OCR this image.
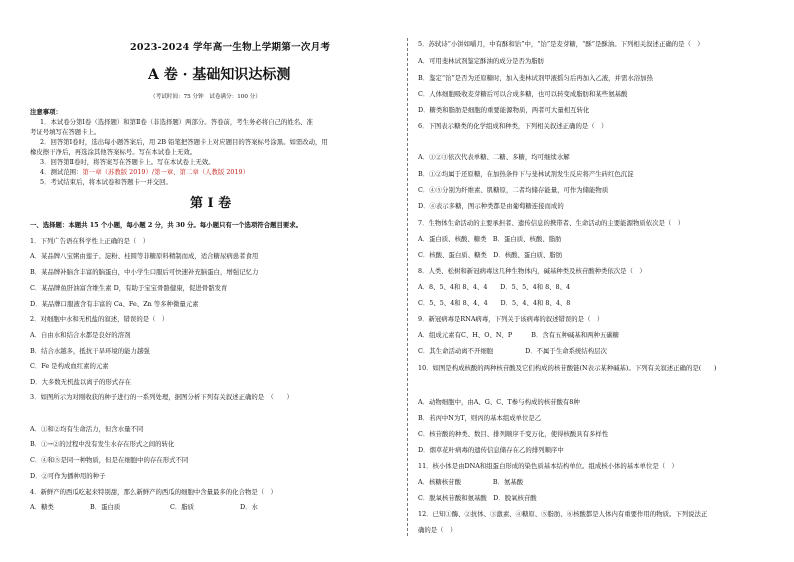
2023-2024 学年高一生物上学期第一次月考
A 卷 · 基础知识达标测
（考试时间：75 分钟　试卷满分：100 分）
注意事项：
1．本试卷分第Ⅰ卷（选择题）和第Ⅱ卷（非选择题）两部分。答卷前，考生务必将自己的姓名、准
考证号填写在答题卡上。
2．回答第Ⅰ卷时，选出每小题答案后，用 2B 铅笔把答题卡上对应题目的答案标号涂黑。如需改动，用
橡皮擦干净后，再选涂其他答案标号。写在本试卷上无效。
3．回答第Ⅱ卷时，将答案写在答题卡上。写在本试卷上无效。
4．测试范围：第一章（苏教版 2019）/第一章、第二章（人教版 2019）
5．考试结束后，将本试卷和答题卡一并交回。
第 Ⅰ 卷
一、选择题：本题共 15 个小题，每小题 2 分，共 30 分。每小题只有一个选项符合题目要求。
1．下列广告语在科学性上正确的是（　）
A．某品牌八宝粥由莲子、淀粉、桂圆等非糖原料精制而成，适合糖尿病患者食用
B．某品牌补脑含丰富的脑蛋白，中小学生口服后可快速补充脑蛋白，增强记忆力
C．某品牌鱼肝油富含维生素 D，有助于宝宝骨骼健康，促进骨骼发育
D．某品牌口服液含有丰富的 Ca、Fe、Zn 等多种微量元素
2．对细胞中水和无机盐的叙述，错误的是（　）
A．自由水和结合水都是良好的溶剂
B．结合水越多，抵抗干旱环境的能力越强
C．Fe 是构成血红素的元素
D．大多数无机盐以离子的形式存在
3．如图所示为对刚收获的种子进行的一系列处理，据图分析下列有关叙述正确的是　（　　）
A．①和②均有生命活力，但含水量不同
B．①→②的过程中没有发生水存在形式之间的转化
C．④和⑤是同一种物质，但是在细胞中的存在形式不同
D．②可作为播种用的种子
4．新鲜产的西瓜吃起来特别甜，那么新鲜产的西瓜的细胞中含量最多的化合物是（　）
A．糖类	B．蛋白质	C．脂质	D．水
5．苏轼诗“小饼如嚼月，中有酥和饴”中，“饴”是麦芽糖，“酥”是酥油。下列相关叙述正确的是（　）
A．可用斐林试剂鉴定酥油的成分是否为脂肪
B．鉴定“饴”是否为还原糖时，加入斐林试剂甲液摇匀后再加入乙液，并需水浴加热
C．人体细胞吸收麦芽糖后可以合成多糖，也可以转变成脂肪和某些氨基酸
D．糖类和脂肪是细胞的重要能源物质，两者可大量相互转化
6．下图表示糖类的化学组成和种类，下列相关叙述正确的是（　）
A．①②③依次代表单糖、二糖、多糖，均可继续水解
B．①②均属于还原糖，在加热条件下与斐林试剂发生反应将产生砖红色沉淀
C．④⑤分别为纤维素、肌糖原，二者均储存能量，可作为储能物质
D．④表示多糖，图示种类都是由葡萄糖连接而成的
7．生物体生命活动的主要承担者、遗传信息的携带者、生命活动的主要能源物质依次是（　）
A．蛋白质、核酸、糖类　B．蛋白质、核酸、脂肪
C．核酸、蛋白质、糖类　D．核酸、蛋白质、脂肪
8．人类、松树和新冠病毒这几种生物体内，碱基种类及核苷酸种类依次是（　）
A．8、5、4和 8、4、4　　D．5、5、4和 8、8、4
C．5、5、4和 8、4、4　　D．5、4、4和 8、4、8
9．新冠病毒是RNA病毒，下列关于该病毒的叙述错误的是（　）
A．组成元素有C、H、O、N、P　　　B．含有五种碱基和两种五碳糖
C．其生命活动离不开细胞　　　　　D．不属于生命系统结构层次
10．如图是构成核酸的两种核苷酸及它们构成的核苷酸链(N表示某种碱基)。下列有关叙述正确的是(　　)
A．动物细胞中，由A、G、C、T参与构成的核苷酸有8种
B．若丙中N为T，则丙的基本组成单位是乙
C．核苷酸的种类、数目、排列顺序千变万化，使得核酸具有多样性
D．烟草花叶病毒的遗传信息储存在乙的排列顺序中
11．核小体是由DNA和组蛋白形成的染色质基本结构单位。组成核小体的基本单位是（　）
A．核糖核苷酸　　　　　B．氨基酸
C．脱氧核苷酸和氨基酸　D．脱氧核苷酸
12．已知①酶、②抗体、③激素、④糖原、⑤脂肪、⑥核酸都是人体内有重要作用的物质。下列说法正
确的是（　）
